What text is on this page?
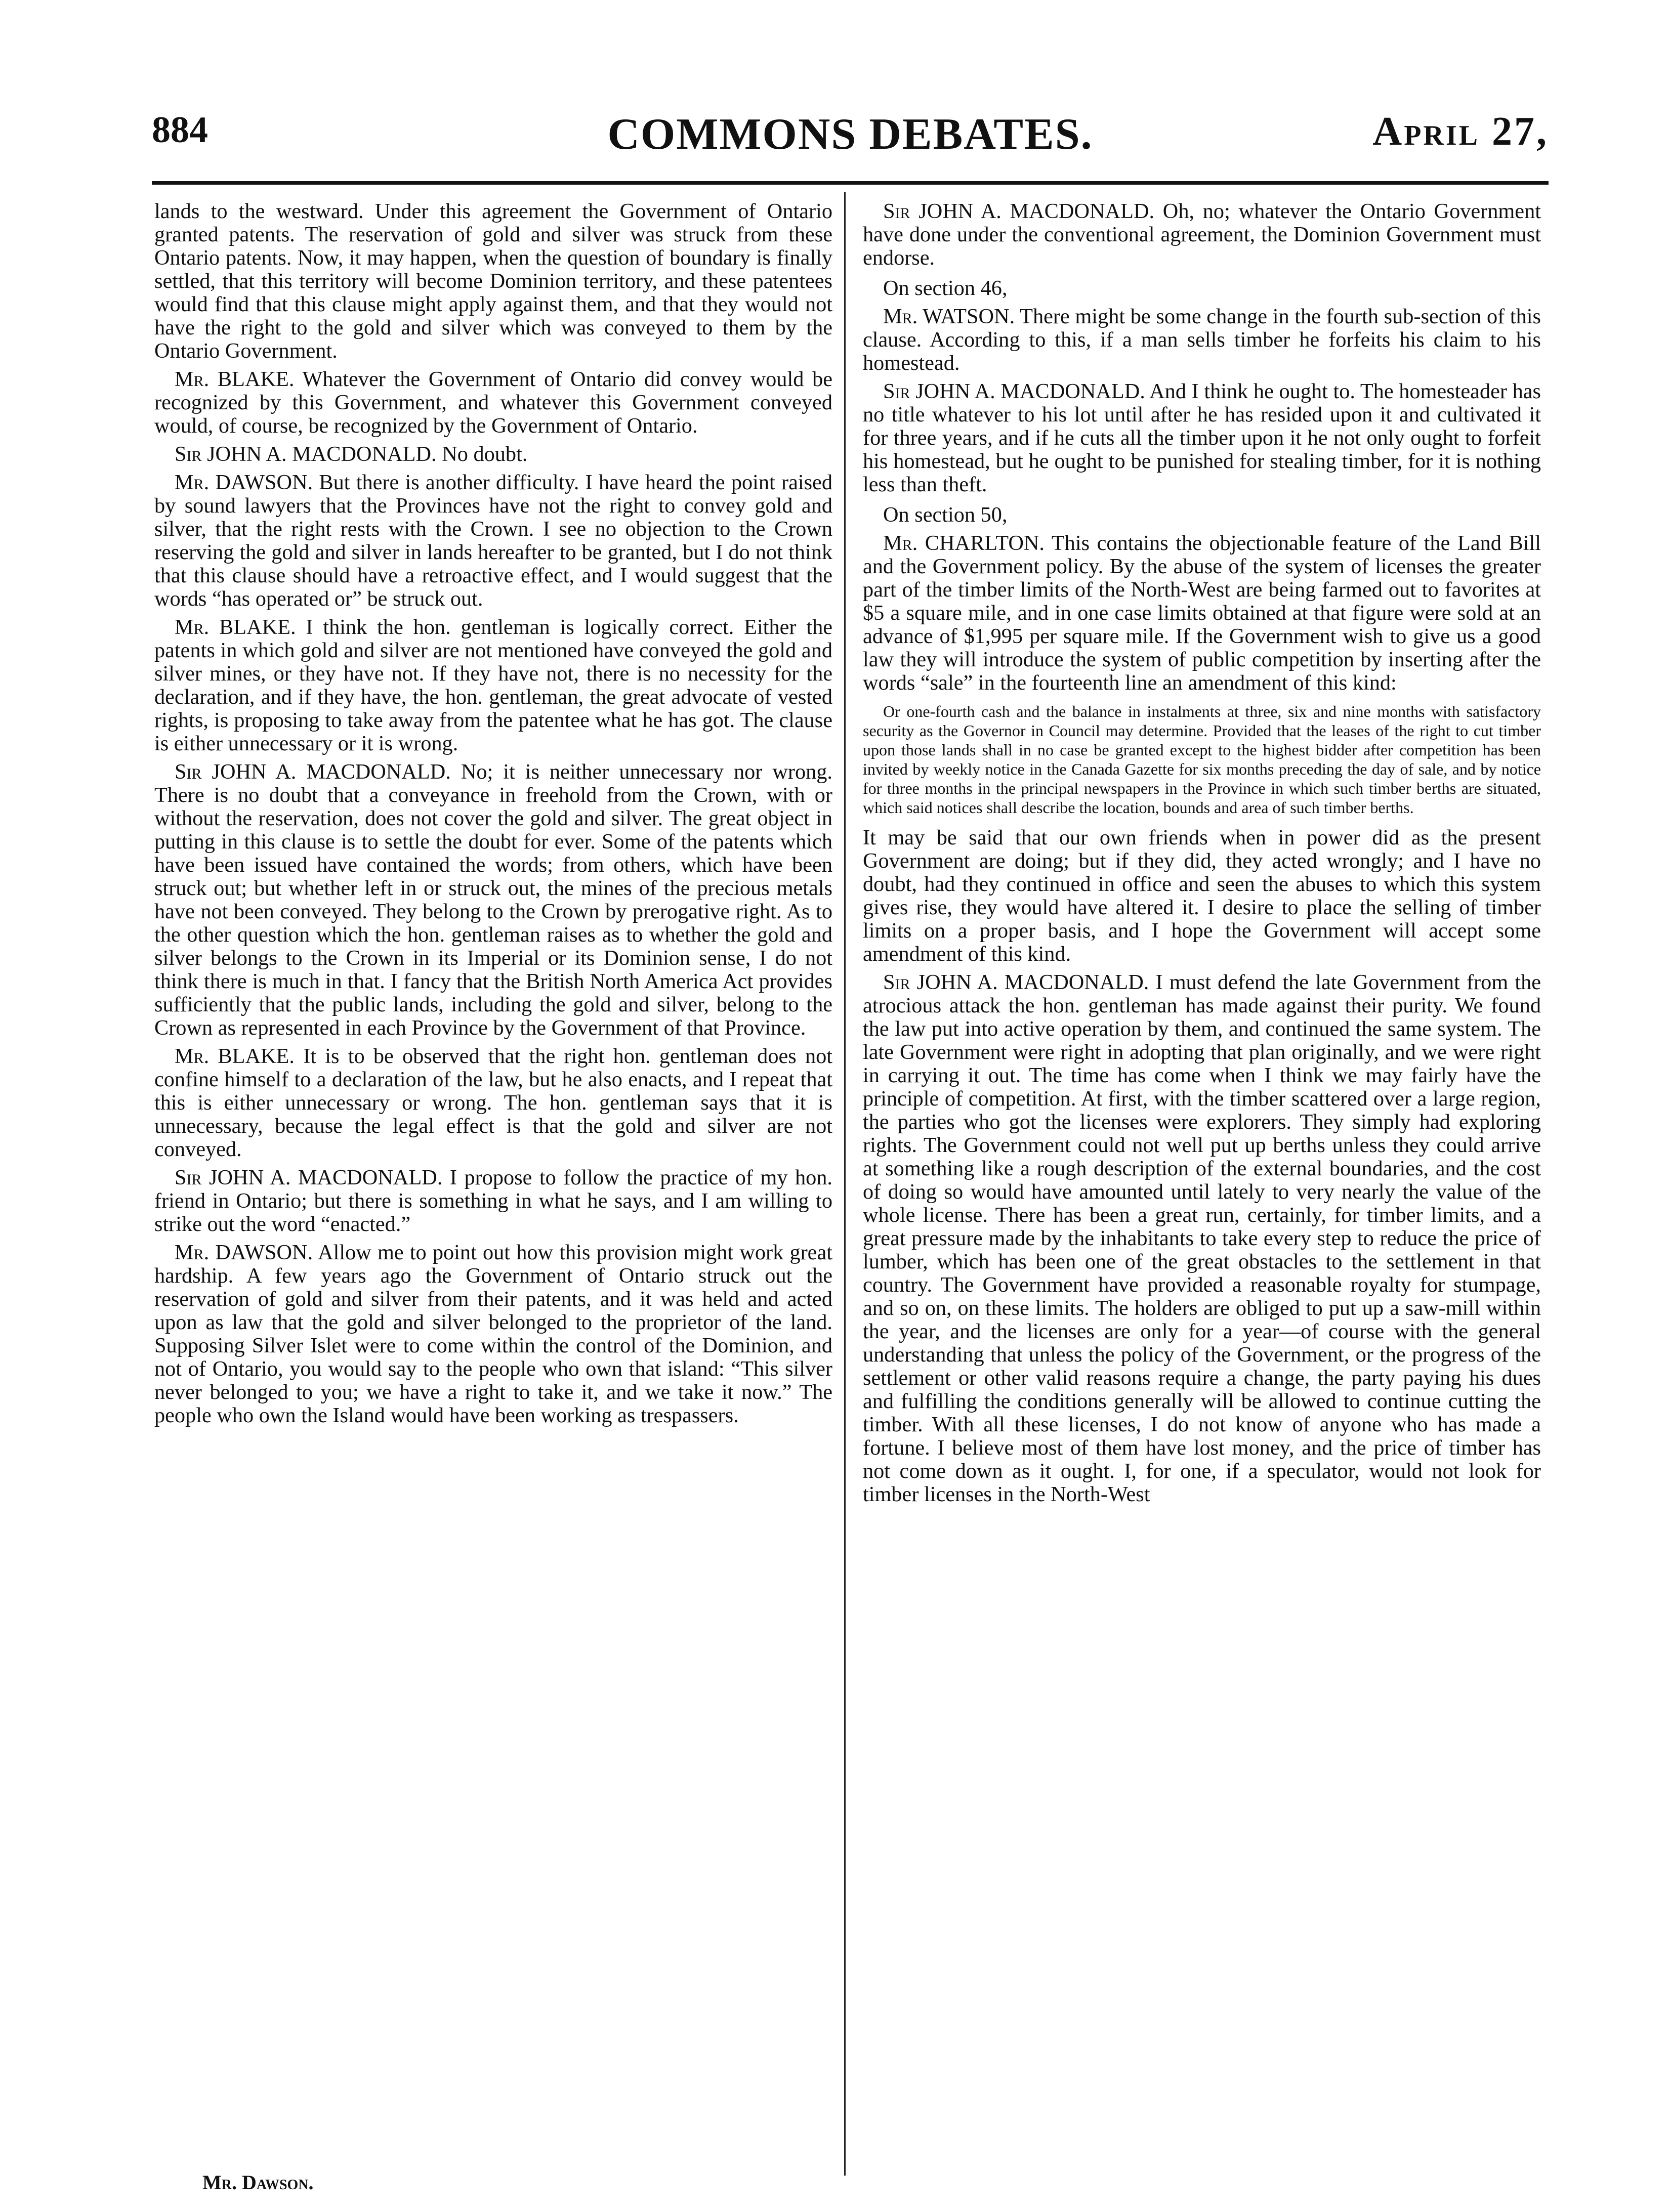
884	COMMONS DEBATES.	April 27,

lands to the westward. Under this agreement the Government of Ontario granted patents. The reservation of gold and silver was struck from these Ontario patents. Now, it may happen, when the question of boundary is finally settled, that this territory will become Dominion territory, and these patentees would find that this clause might apply against them, and that they would not have the right to the gold and silver which was conveyed to them by the Ontario Government.

Mr. BLAKE. Whatever the Government of Ontario did convey would be recognized by this Government, and whatever this Government conveyed would, of course, be recognized by the Government of Ontario.

Sir JOHN A. MACDONALD. No doubt.

Mr. DAWSON. But there is another difficulty. I have heard the point raised by sound lawyers that the Provinces have not the right to convey gold and silver, that the right rests with the Crown. I see no objection to the Crown reserving the gold and silver in lands hereafter to be granted, but I do not think that this clause should have a retroactive effect, and I would suggest that the words “has operated or” be struck out.

Mr. BLAKE. I think the hon. gentleman is logically correct. Either the patents in which gold and silver are not mentioned have conveyed the gold and silver mines, or they have not. If they have not, there is no necessity for the declaration, and if they have, the hon. gentleman, the great advocate of vested rights, is proposing to take away from the patentee what he has got. The clause is either unnecessary or it is wrong.

Sir JOHN A. MACDONALD. No; it is neither unnecessary nor wrong. There is no doubt that a conveyance in freehold from the Crown, with or without the reservation, does not cover the gold and silver. The great object in putting in this clause is to settle the doubt for ever. Some of the patents which have been issued have contained the words; from others, which have been struck out; but whether left in or struck out, the mines of the precious metals have not been conveyed. They belong to the Crown by prerogative right. As to the other question which the hon. gentleman raises as to whether the gold and silver belongs to the Crown in its Imperial or its Dominion sense, I do not think there is much in that. I fancy that the British North America Act provides sufficiently that the public lands, including the gold and silver, belong to the Crown as represented in each Province by the Government of that Province.

Mr. BLAKE. It is to be observed that the right hon. gentleman does not confine himself to a declaration of the law, but he also enacts, and I repeat that this is either unnecessary or wrong. The hon. gentleman says that it is unnecessary, because the legal effect is that the gold and silver are not conveyed.

Sir JOHN A. MACDONALD. I propose to follow the practice of my hon. friend in Ontario; but there is something in what he says, and I am willing to strike out the word “enacted.”

Mr. DAWSON. Allow me to point out how this provision might work great hardship. A few years ago the Government of Ontario struck out the reservation of gold and silver from their patents, and it was held and acted upon as law that the gold and silver belonged to the proprietor of the land. Supposing Silver Islet were to come within the control of the Dominion, and not of Ontario, you would say to the people who own that island: “This silver never belonged to you; we have a right to take it, and we take it now.” The people who own the Island would have been working as trespassers.

Sir JOHN A. MACDONALD. Oh, no; whatever the Ontario Government have done under the conventional agreement, the Dominion Government must endorse.

On section 46,

Mr. WATSON. There might be some change in the fourth sub-section of this clause. According to this, if a man sells timber he forfeits his claim to his homestead.

Sir JOHN A. MACDONALD. And I think he ought to. The homesteader has no title whatever to his lot until after he has resided upon it and cultivated it for three years, and if he cuts all the timber upon it he not only ought to forfeit his homestead, but he ought to be punished for stealing timber, for it is nothing less than theft.

On section 50,

Mr. CHARLTON. This contains the objectionable feature of the Land Bill and the Government policy. By the abuse of the system of licenses the greater part of the timber limits of the North-West are being farmed out to favorites at $5 a square mile, and in one case limits obtained at that figure were sold at an advance of $1,995 per square mile. If the Government wish to give us a good law they will introduce the system of public competition by inserting after the words “sale” in the fourteenth line an amendment of this kind:

Or one-fourth cash and the balance in instalments at three, six and nine months with satisfactory security as the Governor in Council may determine. Provided that the leases of the right to cut timber upon those lands shall in no case be granted except to the highest bidder after competition has been invited by weekly notice in the Canada Gazette for six months preceding the day of sale, and by notice for three months in the principal newspapers in the Province in which such timber berths are situated, which said notices shall describe the location, bounds and area of such timber berths.

It may be said that our own friends when in power did as the present Government are doing; but if they did, they acted wrongly; and I have no doubt, had they continued in office and seen the abuses to which this system gives rise, they would have altered it. I desire to place the selling of timber limits on a proper basis, and I hope the Government will accept some amendment of this kind.

Sir JOHN A. MACDONALD. I must defend the late Government from the atrocious attack the hon. gentleman has made against their purity. We found the law put into active operation by them, and continued the same system. The late Government were right in adopting that plan originally, and we were right in carrying it out. The time has come when I think we may fairly have the principle of competition. At first, with the timber scattered over a large region, the parties who got the licenses were explorers. They simply had exploring rights. The Government could not well put up berths unless they could arrive at something like a rough description of the external boundaries, and the cost of doing so would have amounted until lately to very nearly the value of the whole license. There has been a great run, certainly, for timber limits, and a great pressure made by the inhabitants to take every step to reduce the price of lumber, which has been one of the great obstacles to the settlement in that country. The Government have provided a reasonable royalty for stumpage, and so on, on these limits. The holders are obliged to put up a saw-mill within the year, and the licenses are only for a year—of course with the general understanding that unless the policy of the Government, or the progress of the settlement or other valid reasons require a change, the party paying his dues and fulfilling the conditions generally will be allowed to continue cutting the timber. With all these licenses, I do not know of anyone who has made a fortune. I believe most of them have lost money, and the price of timber has not come down as it ought. I, for one, if a speculator, would not look for timber licenses in the North-West

Mr. Dawson.
